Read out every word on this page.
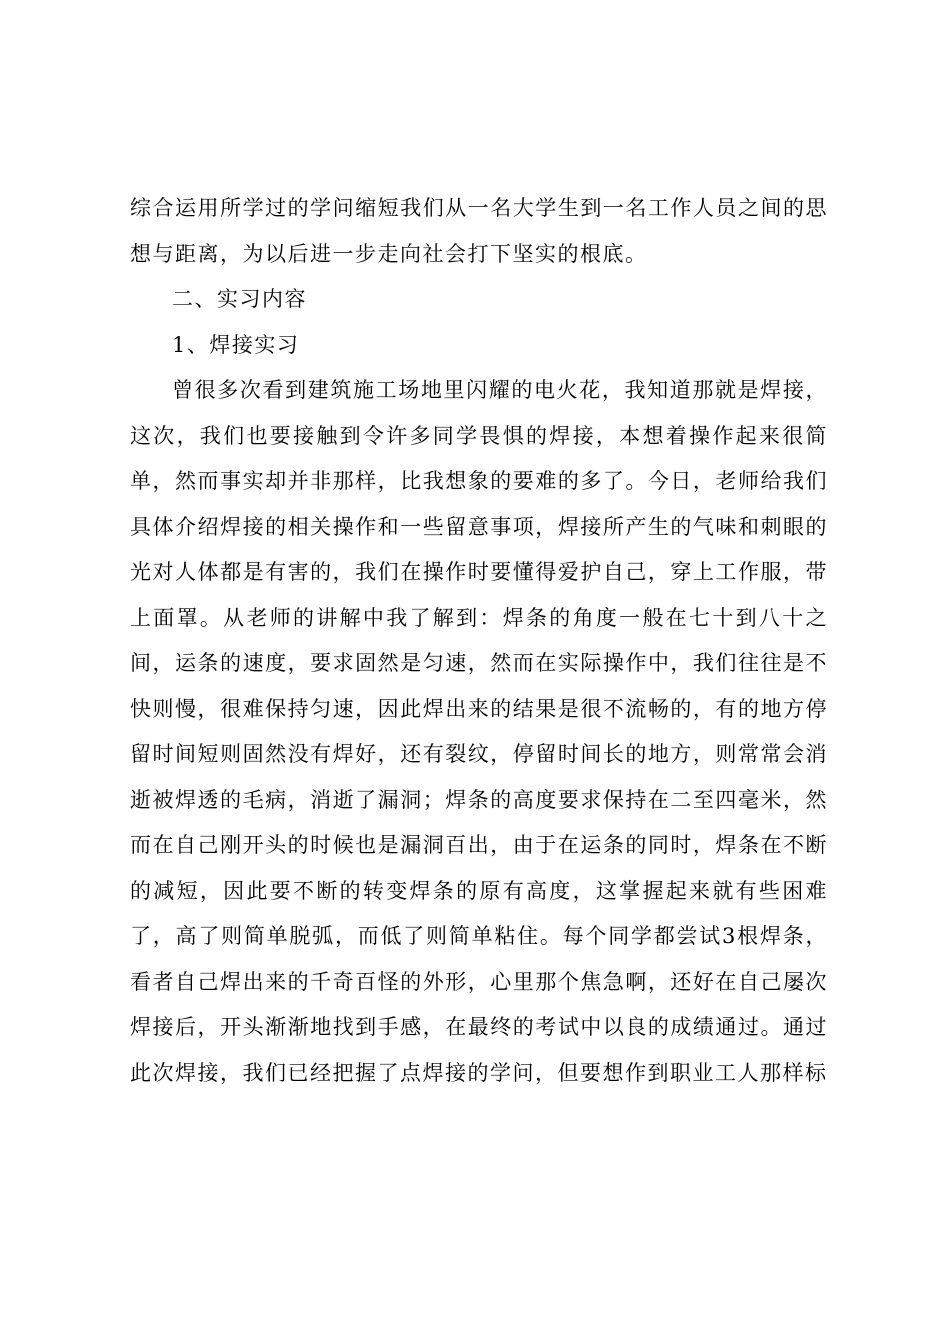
综合运用所学过的学问缩短我们从一名大学生到一名工作人员之间的思想与距离，为以后进一步走向社会打下坚实的根底。

二、实习内容

1、焊接实习

曾很多次看到建筑施工场地里闪耀的电火花，我知道那就是焊接，这次，我们也要接触到令许多同学畏惧的焊接，本想着操作起来很简单，然而事实却并非那样，比我想象的要难的多了。今日，老师给我们具体介绍焊接的相关操作和一些留意事项，焊接所产生的气味和刺眼的光对人体都是有害的，我们在操作时要懂得爱护自己，穿上工作服，带上面罩。从老师的讲解中我了解到：焊条的角度一般在七十到八十之间，运条的速度，要求固然是匀速，然而在实际操作中，我们往往是不快则慢，很难保持匀速，因此焊出来的结果是很不流畅的，有的地方停留时间短则固然没有焊好，还有裂纹，停留时间长的地方，则常常会消逝被焊透的毛病，消逝了漏洞；焊条的高度要求保持在二至四毫米，然而在自己刚开头的时候也是漏洞百出，由于在运条的同时，焊条在不断的减短，因此要不断的转变焊条的原有高度，这掌握起来就有些困难了，高了则简单脱弧，而低了则简单粘住。每个同学都尝试3根焊条，看者自己焊出来的千奇百怪的外形，心里那个焦急啊，还好在自己屡次焊接后，开头渐渐地找到手感，在最终的考试中以良的成绩通过。通过此次焊接，我们已经把握了点焊接的学问，但要想作到职业工人那样标
